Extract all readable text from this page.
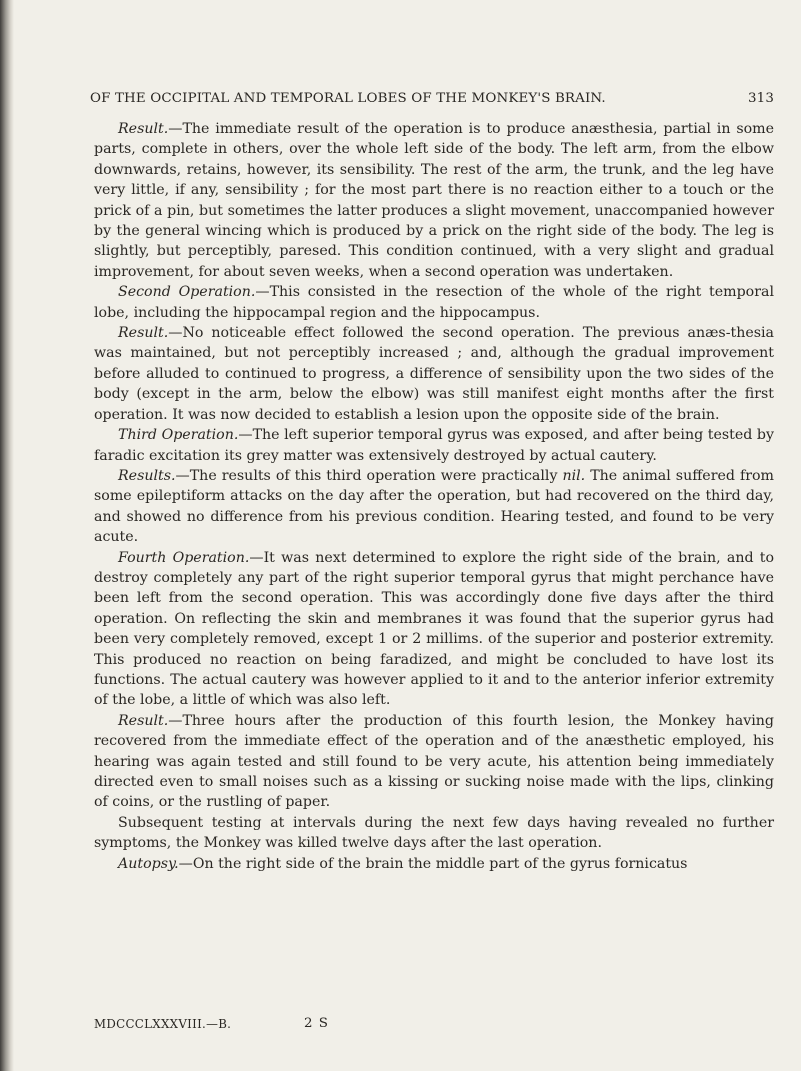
OF THE OCCIPITAL AND TEMPORAL LOBES OF THE MONKEY'S BRAIN.	313

Result.—The immediate result of the operation is to produce anæsthesia, partial in some parts, complete in others, over the whole left side of the body. The left arm, from the elbow downwards, retains, however, its sensibility. The rest of the arm, the trunk, and the leg have very little, if any, sensibility ; for the most part there is no reaction either to a touch or the prick of a pin, but sometimes the latter produces a slight movement, unaccompanied however by the general wincing which is produced by a prick on the right side of the body. The leg is slightly, but perceptibly, paresed. This condition continued, with a very slight and gradual improvement, for about seven weeks, when a second operation was undertaken.

Second Operation.—This consisted in the resection of the whole of the right temporal lobe, including the hippocampal region and the hippocampus.

Result.—No noticeable effect followed the second operation. The previous anæs-thesia was maintained, but not perceptibly increased ; and, although the gradual improvement before alluded to continued to progress, a difference of sensibility upon the two sides of the body (except in the arm, below the elbow) was still manifest eight months after the first operation. It was now decided to establish a lesion upon the opposite side of the brain.

Third Operation.—The left superior temporal gyrus was exposed, and after being tested by faradic excitation its grey matter was extensively destroyed by actual cautery.

Results.—The results of this third operation were practically nil. The animal suffered from some epileptiform attacks on the day after the operation, but had recovered on the third day, and showed no difference from his previous condition. Hearing tested, and found to be very acute.

Fourth Operation.—It was next determined to explore the right side of the brain, and to destroy completely any part of the right superior temporal gyrus that might perchance have been left from the second operation. This was accordingly done five days after the third operation. On reflecting the skin and membranes it was found that the superior gyrus had been very completely removed, except 1 or 2 millims. of the superior and posterior extremity. This produced no reaction on being faradized, and might be concluded to have lost its functions. The actual cautery was however applied to it and to the anterior inferior extremity of the lobe, a little of which was also left.

Result.—Three hours after the production of this fourth lesion, the Monkey having recovered from the immediate effect of the operation and of the anæsthetic employed, his hearing was again tested and still found to be very acute, his attention being immediately directed even to small noises such as a kissing or sucking noise made with the lips, clinking of coins, or the rustling of paper.

Subsequent testing at intervals during the next few days having revealed no further symptoms, the Monkey was killed twelve days after the last operation.

Autopsy.—On the right side of the brain the middle part of the gyrus fornicatus

MDCCCLXXXVIII.—B.	2 S
